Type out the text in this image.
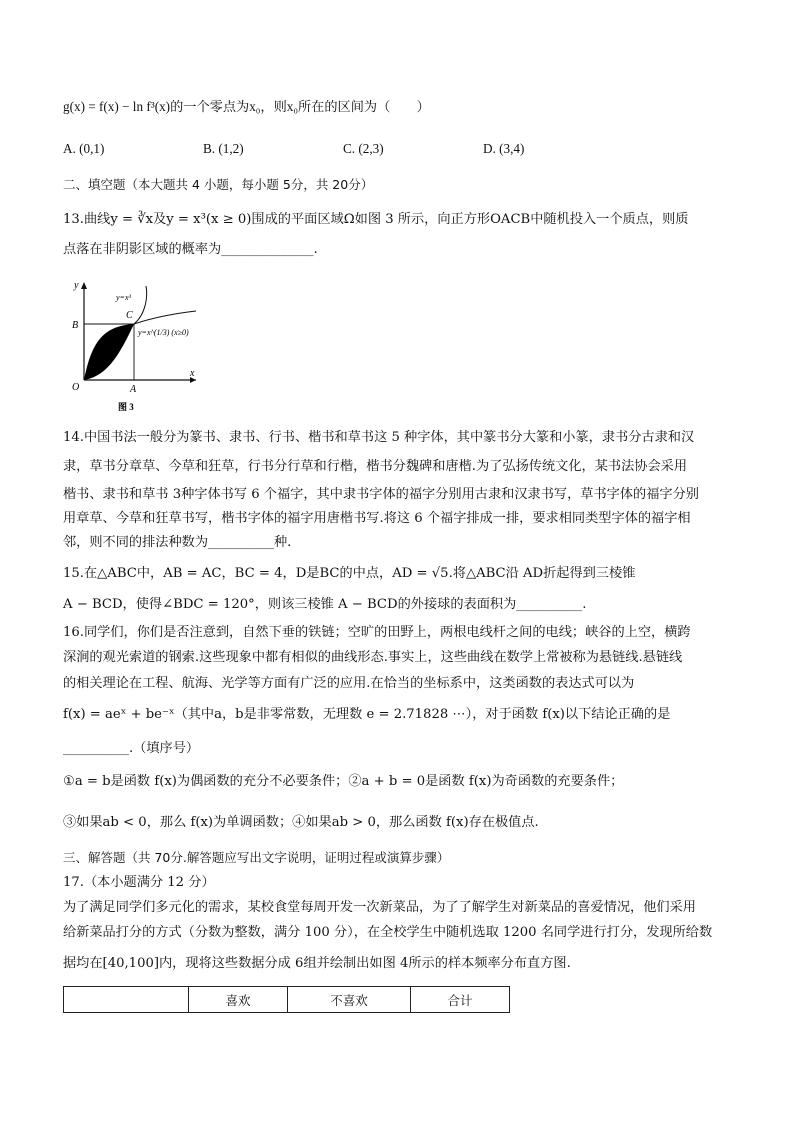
g(x) = f(x) − ln f³(x)的一个零点为x₀，则x₀所在的区间为（　　）
A. (0,1)	B. (1,2)	C. (2,3)	D. (3,4)
二、填空题（本大题共 4 小题，每小题 5分，共 20分）
13.曲线y = ∛x及y = x³(x ≥ 0)围成的平面区域Ω如图 3 所示，向正方形OACB中随机投入一个质点，则质
点落在非阴影区域的概率为______________.
y
x
O	A
B
C
y=x³
y=x^(1/3) (x≥0)
图 3
14.中国书法一般分为篆书、隶书、行书、楷书和草书这 5 种字体，其中篆书分大篆和小篆，隶书分古隶和汉
隶，草书分章草、今草和狂草，行书分行草和行楷，楷书分魏碑和唐楷.为了弘扬传统文化，某书法协会采用
楷书、隶书和草书 3种字体书写 6 个福字，其中隶书字体的福字分别用古隶和汉隶书写，草书字体的福字分别
用章草、今草和狂草书写，楷书字体的福字用唐楷书写.将这 6 个福字排成一排，要求相同类型字体的福字相
邻，则不同的排法种数为__________种.
15.在△ABC中，AB = AC，BC = 4，D是BC的中点，AD = √5.将△ABC沿 AD折起得到三棱锥
A − BCD，使得∠BDC = 120°，则该三棱锥 A − BCD的外接球的表面积为__________.
16.同学们，你们是否注意到，自然下垂的铁链；空旷的田野上，两根电线杆之间的电线；峡谷的上空，横跨
深涧的观光索道的钢索.这些现象中都有相似的曲线形态.事实上，这些曲线在数学上常被称为悬链线.悬链线
的相关理论在工程、航海、光学等方面有广泛的应用.在恰当的坐标系中，这类函数的表达式可以为
f(x) = aeˣ + be⁻ˣ（其中a，b是非零常数，无理数 e = 2.71828 ⋯），对于函数 f(x)以下结论正确的是
__________.（填序号）
①a = b是函数 f(x)为偶函数的充分不必要条件；②a + b = 0是函数 f(x)为奇函数的充要条件；
③如果ab < 0，那么 f(x)为单调函数；④如果ab > 0，那么函数 f(x)存在极值点.
三、解答题（共 70分.解答题应写出文字说明，证明过程或演算步骤）
17.（本小题满分 12 分）
为了满足同学们多元化的需求，某校食堂每周开发一次新菜品，为了了解学生对新菜品的喜爱情况，他们采用
给新菜品打分的方式（分数为整数，满分 100 分），在全校学生中随机选取 1200 名同学进行打分，发现所给数
据均在[40,100]内，现将这些数据分成 6组并绘制出如图 4所示的样本频率分布直方图.
	喜欢	不喜欢	合计
